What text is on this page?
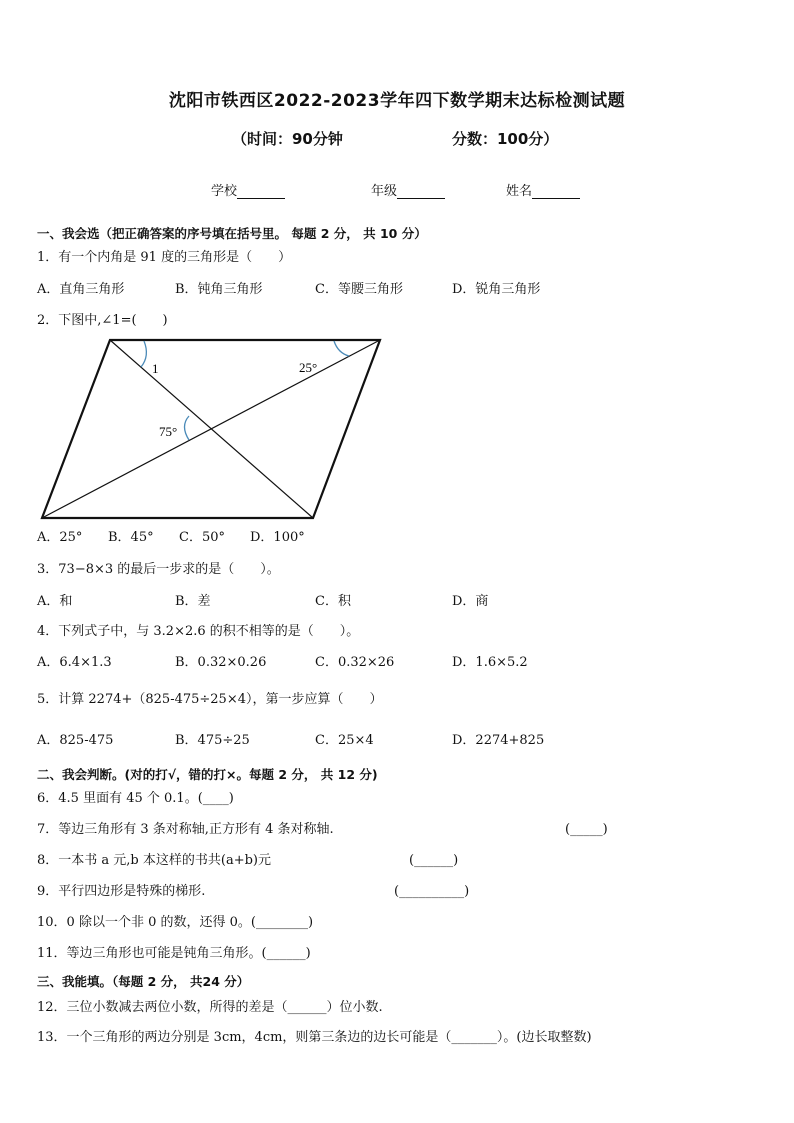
沈阳市铁西区2022-2023学年四下数学期末达标检测试题
（时间：90分钟	分数：100分）
学校	年级	姓名
一、我会选（把正确答案的序号填在括号里。 每题 2 分， 共 10 分）
1．有一个内角是 91 度的三角形是（　　）
A．直角三角形	B．钝角三角形	C．等腰三角形	D．锐角三角形
2．下图中,∠1=(　　)
1	25°
75°
A．25° B．45° C．50° D．100°
3．73−8×3 的最后一步求的是（　　）。
A．和	B．差	C．积	D．商
4．下列式子中，与 3.2×2.6 的积不相等的是（　　）。
A．6.4×1.3	B．0.32×0.26	C．0.32×26	D．1.6×5.2
5．计算 2274+（825-475÷25×4），第一步应算（　　）
A．825-475	B．475÷25	C．25×4	D．2274+825
二、我会判断。(对的打√，错的打×。每题 2 分， 共 12 分)
6．4.5 里面有 45 个 0.1。(____)
7．等边三角形有 3 条对称轴,正方形有 4 条对称轴.	(_____)
8．一本书 a 元,b 本这样的书共(a+b)元	(______)
9．平行四边形是特殊的梯形.	(__________)
10．0 除以一个非 0 的数，还得 0。(________)
11．等边三角形也可能是钝角三角形。(______)
三、我能填。（每题 2 分， 共24 分）
12．三位小数减去两位小数，所得的差是（______）位小数.
13．一个三角形的两边分别是 3cm，4cm，则第三条边的边长可能是（_______）。(边长取整数)
